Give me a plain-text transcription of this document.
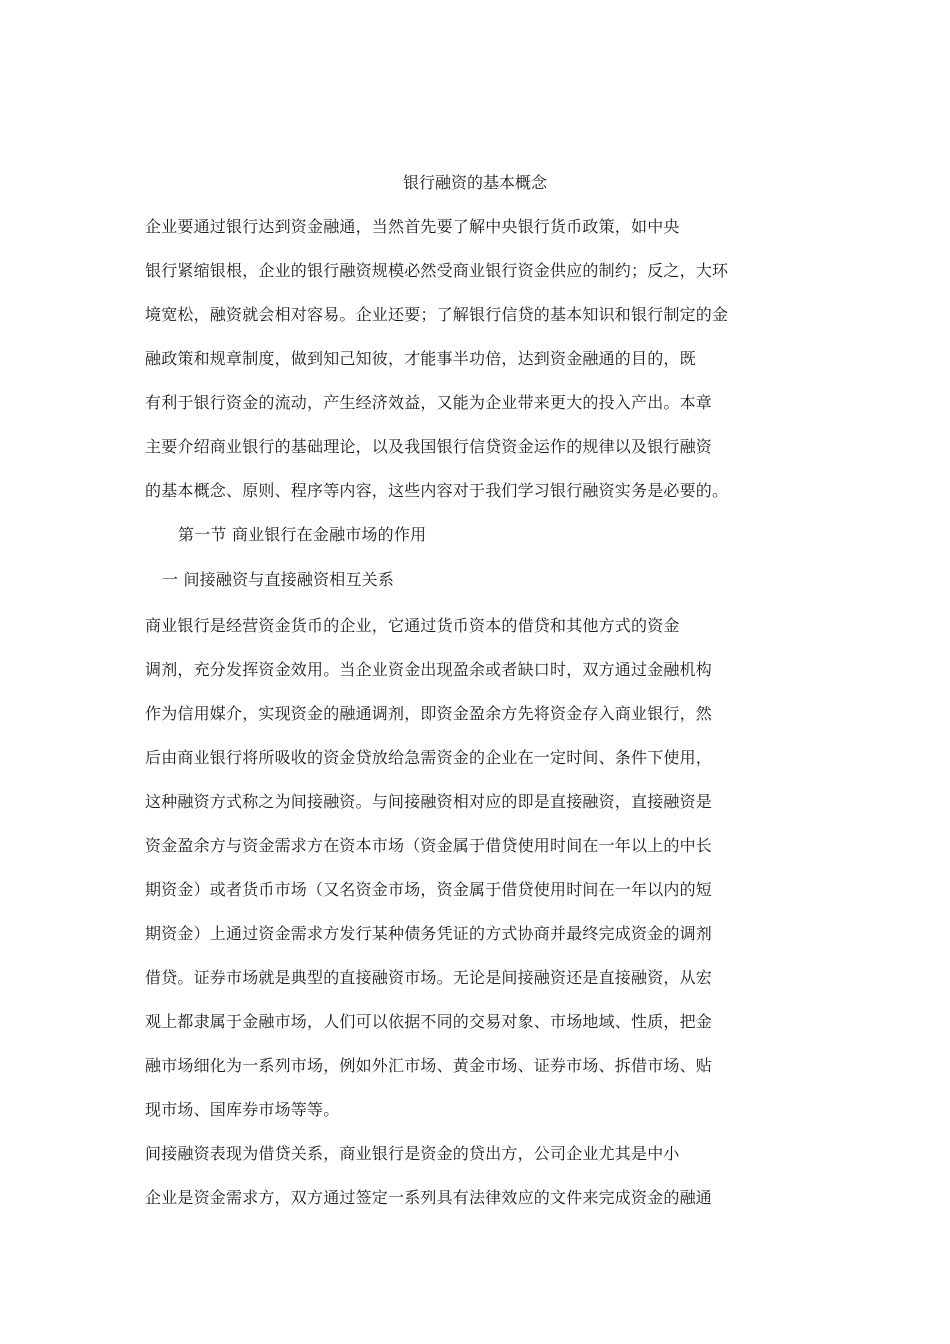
银行融资的基本概念
企业要通过银行达到资金融通，当然首先要了解中央银行货币政策，如中央
银行紧缩银根，企业的银行融资规模必然受商业银行资金供应的制约；反之，大环
境宽松，融资就会相对容易。企业还要；了解银行信贷的基本知识和银行制定的金
融政策和规章制度，做到知己知彼，才能事半功倍，达到资金融通的目的，既
有利于银行资金的流动，产生经济效益，又能为企业带来更大的投入产出。本章
主要介绍商业银行的基础理论，以及我国银行信贷资金运作的规律以及银行融资
的基本概念、原则、程序等内容，这些内容对于我们学习银行融资实务是必要的。
第一节 商业银行在金融市场的作用
一 间接融资与直接融资相互关系
商业银行是经营资金货币的企业，它通过货币资本的借贷和其他方式的资金
调剂，充分发挥资金效用。当企业资金出现盈余或者缺口时，双方通过金融机构
作为信用媒介，实现资金的融通调剂，即资金盈余方先将资金存入商业银行，然
后由商业银行将所吸收的资金贷放给急需资金的企业在一定时间、条件下使用，
这种融资方式称之为间接融资。与间接融资相对应的即是直接融资，直接融资是
资金盈余方与资金需求方在资本市场（资金属于借贷使用时间在一年以上的中长
期资金）或者货币市场（又名资金市场，资金属于借贷使用时间在一年以内的短
期资金）上通过资金需求方发行某种债务凭证的方式协商并最终完成资金的调剂
借贷。证券市场就是典型的直接融资市场。无论是间接融资还是直接融资，从宏
观上都隶属于金融市场，人们可以依据不同的交易对象、市场地域、性质，把金
融市场细化为一系列市场，例如外汇市场、黄金市场、证券市场、拆借市场、贴
现市场、国库券市场等等。
间接融资表现为借贷关系，商业银行是资金的贷出方，公司企业尤其是中小
企业是资金需求方，双方通过签定一系列具有法律效应的文件来完成资金的融通
